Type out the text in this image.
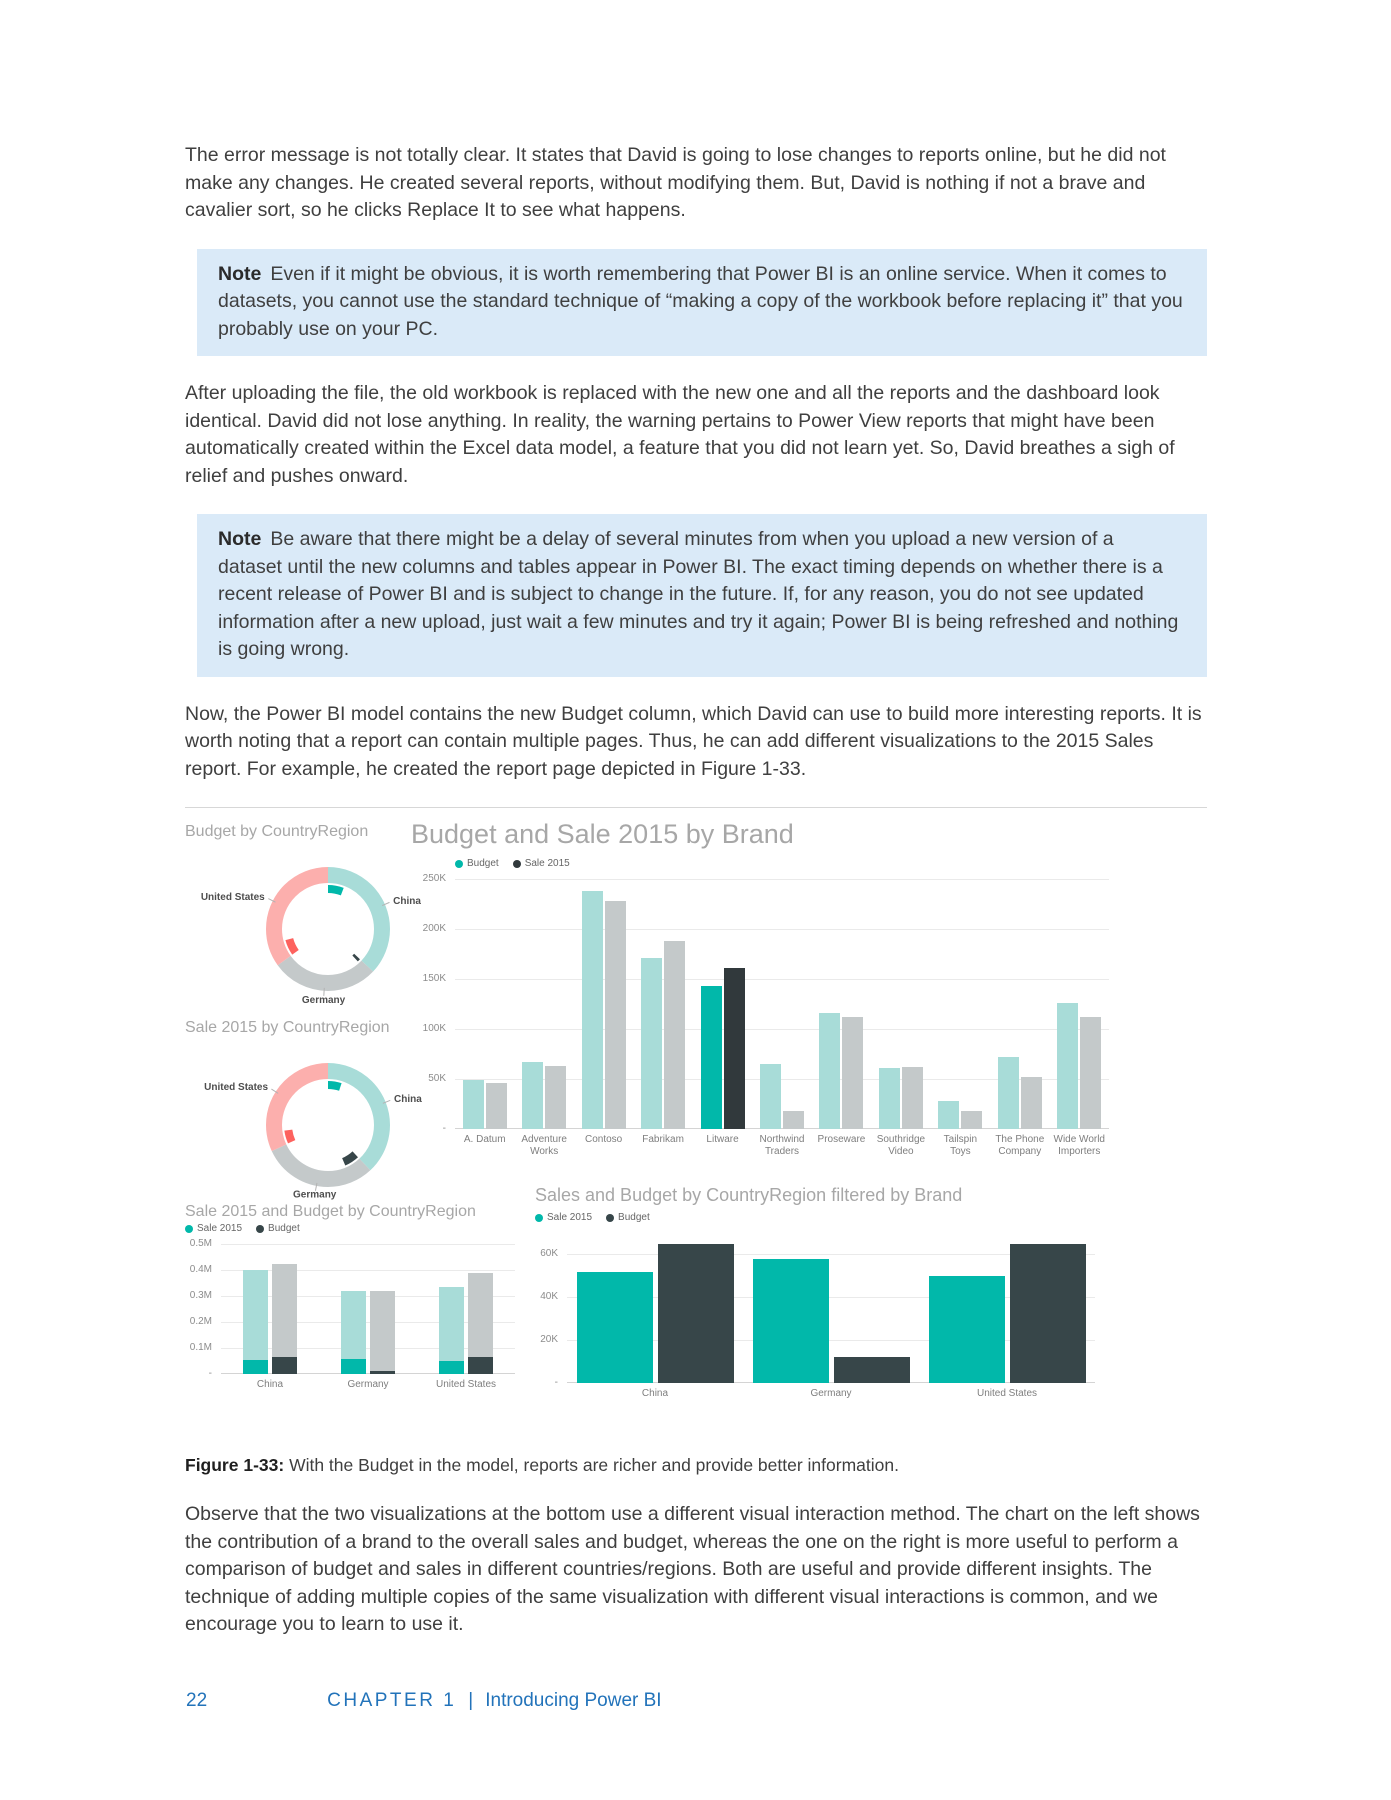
The error message is not totally clear. It states that David is going to lose changes to reports online, but he did not make any changes. He created several reports, without modifying them. But, David is nothing if not a brave and cavalier sort, so he clicks Replace It to see what happens.

Note Even if it might be obvious, it is worth remembering that Power BI is an online service. When it comes to datasets, you cannot use the standard technique of “making a copy of the workbook before replacing it” that you probably use on your PC.

After uploading the file, the old workbook is replaced with the new one and all the reports and the dashboard look identical. David did not lose anything. In reality, the warning pertains to Power View reports that might have been automatically created within the Excel data model, a feature that you did not learn yet. So, David breathes a sigh of relief and pushes onward.

Note Be aware that there might be a delay of several minutes from when you upload a new version of a dataset until the new columns and tables appear in Power BI. The exact timing depends on whether there is a recent release of Power BI and is subject to change in the future. If, for any reason, you do not see updated information after a new upload, just wait a few minutes and try it again; Power BI is being refreshed and nothing is going wrong.

Now, the Power BI model contains the new Budget column, which David can use to build more interesting reports. It is worth noting that a report can contain multiple pages. Thus, he can add different visualizations to the 2015 Sales report. For example, he created the report page depicted in Figure 1-33.

Budget by CountryRegion
China
Germany
United States
Sale 2015 by CountryRegion
China
Germany
United States
Budget and Sale 2015 by Brand
Budget	Sale 2015
250K
200K
150K
100K
50K
-
A. Datum	Adventure Works
Contoso	Fabrikam	Litware	Northwind Traders
Proseware	Southridge Video
Tailspin Toys
The Phone Company
Wide World Importers
Sale 2015 and Budget by CountryRegion
Sale 2015	Budget
0.5M
0.4M
0.3M
0.2M
0.1M
-
China	Germany	United States
Sales and Budget by CountryRegion filtered by Brand
Sale 2015	Budget
60K
40K
20K
-
China	Germany	United States

Figure 1-33: With the Budget in the model, reports are richer and provide better information.

Observe that the two visualizations at the bottom use a different visual interaction method. The chart on the left shows the contribution of a brand to the overall sales and budget, whereas the one on the right is more useful to perform a comparison of budget and sales in different countries/regions. Both are useful and provide different insights. The technique of adding multiple copies of the same visualization with different visual interactions is common, and we encourage you to learn to use it.

22	CHAPTER 1 | Introducing Power BI
